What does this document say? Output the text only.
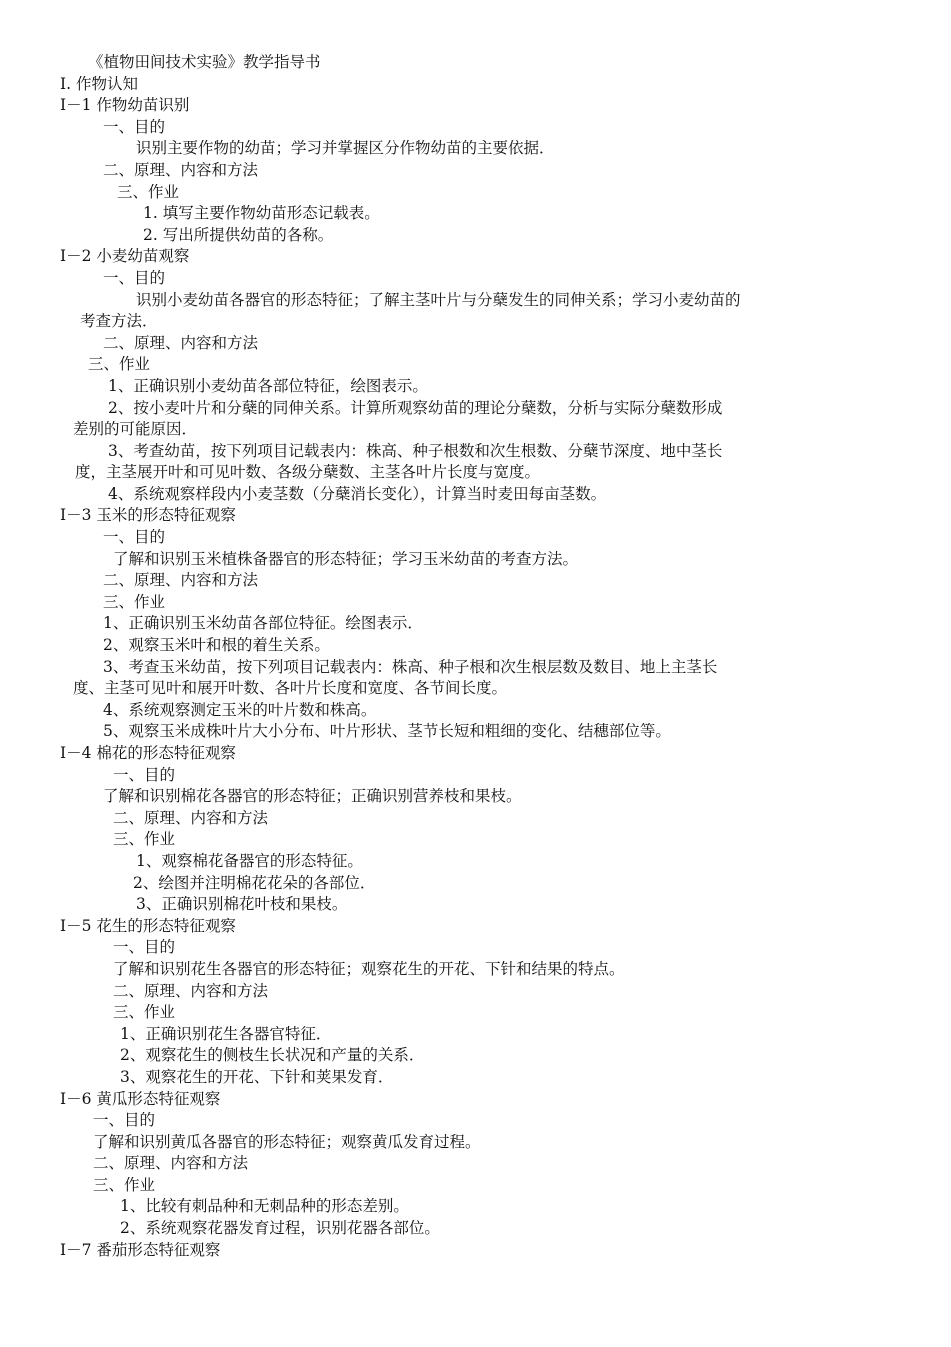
《植物田间技术实验》教学指导书
Ⅰ. 作物认知
Ⅰ－1 作物幼苗识别
一、目的
识别主要作物的幼苗；学习并掌握区分作物幼苗的主要依据．
二、原理、内容和方法
三、作业
1. 填写主要作物幼苗形态记载表。
2. 写出所提供幼苗的各称。
Ⅰ－2 小麦幼苗观察
一、目的
识别小麦幼苗各器官的形态特征；了解主茎叶片与分蘖发生的同伸关系；学习小麦幼苗的
考查方法．
二、原理、内容和方法
三、作业
1、正确识别小麦幼苗各部位特征，绘图表示。
2、按小麦叶片和分蘖的同伸关系。计算所观察幼苗的理论分蘖数，分析与实际分蘖数形成
差别的可能原因．
3、考查幼苗，按下列项目记载表内：株高、种子根数和次生根数、分蘖节深度、地中茎长
度，主茎展开叶和可见叶数、各级分蘖数、主茎各叶片长度与宽度。
4、系统观察样段内小麦茎数（分蘖消长变化），计算当时麦田每亩茎数。
Ⅰ－3 玉米的形态特征观察
一、目的
了解和识别玉米植株备器官的形态特征；学习玉米幼苗的考查方法。
二、原理、内容和方法
三、作业
1、正确识别玉米幼苗各部位特征。绘图表示．
2、观察玉米叶和根的着生关系。
3、考查玉米幼苗，按下列项目记载表内：株高、种子根和次生根层数及数目、地上主茎长
度、主茎可见叶和展开叶数、各叶片长度和宽度、各节间长度。
4、系统观察测定玉米的叶片数和株高。
5、观察玉米成株叶片大小分布、叶片形状、茎节长短和粗细的变化、结穗部位等。
Ⅰ－4 棉花的形态特征观察
一、目的
了解和识别棉花各器官的形态特征；正确识别营养枝和果枝。
二、原理、内容和方法
三、作业
1、观察棉花备器官的形态特征。
2、绘图并注明棉花花朵的各部位．
3、正确识别棉花叶枝和果枝。
Ⅰ－5 花生的形态特征观察
一、目的
了解和识别花生各器官的形态特征；观察花生的开花、下针和结果的特点。
二、原理、内容和方法
三、作业
1、正确识别花生各器官特征．
2、观察花生的侧枝生长状况和产量的关系．
3、观察花生的开花、下针和荚果发育．
Ⅰ－6 黄瓜形态特征观察
一、目的
了解和识别黄瓜各器官的形态特征；观察黄瓜发育过程。
二、原理、内容和方法
三、作业
1、比较有刺品种和无刺品种的形态差别。
2、系统观察花器发育过程，识别花器各部位。
Ⅰ－7 番茄形态特征观察
